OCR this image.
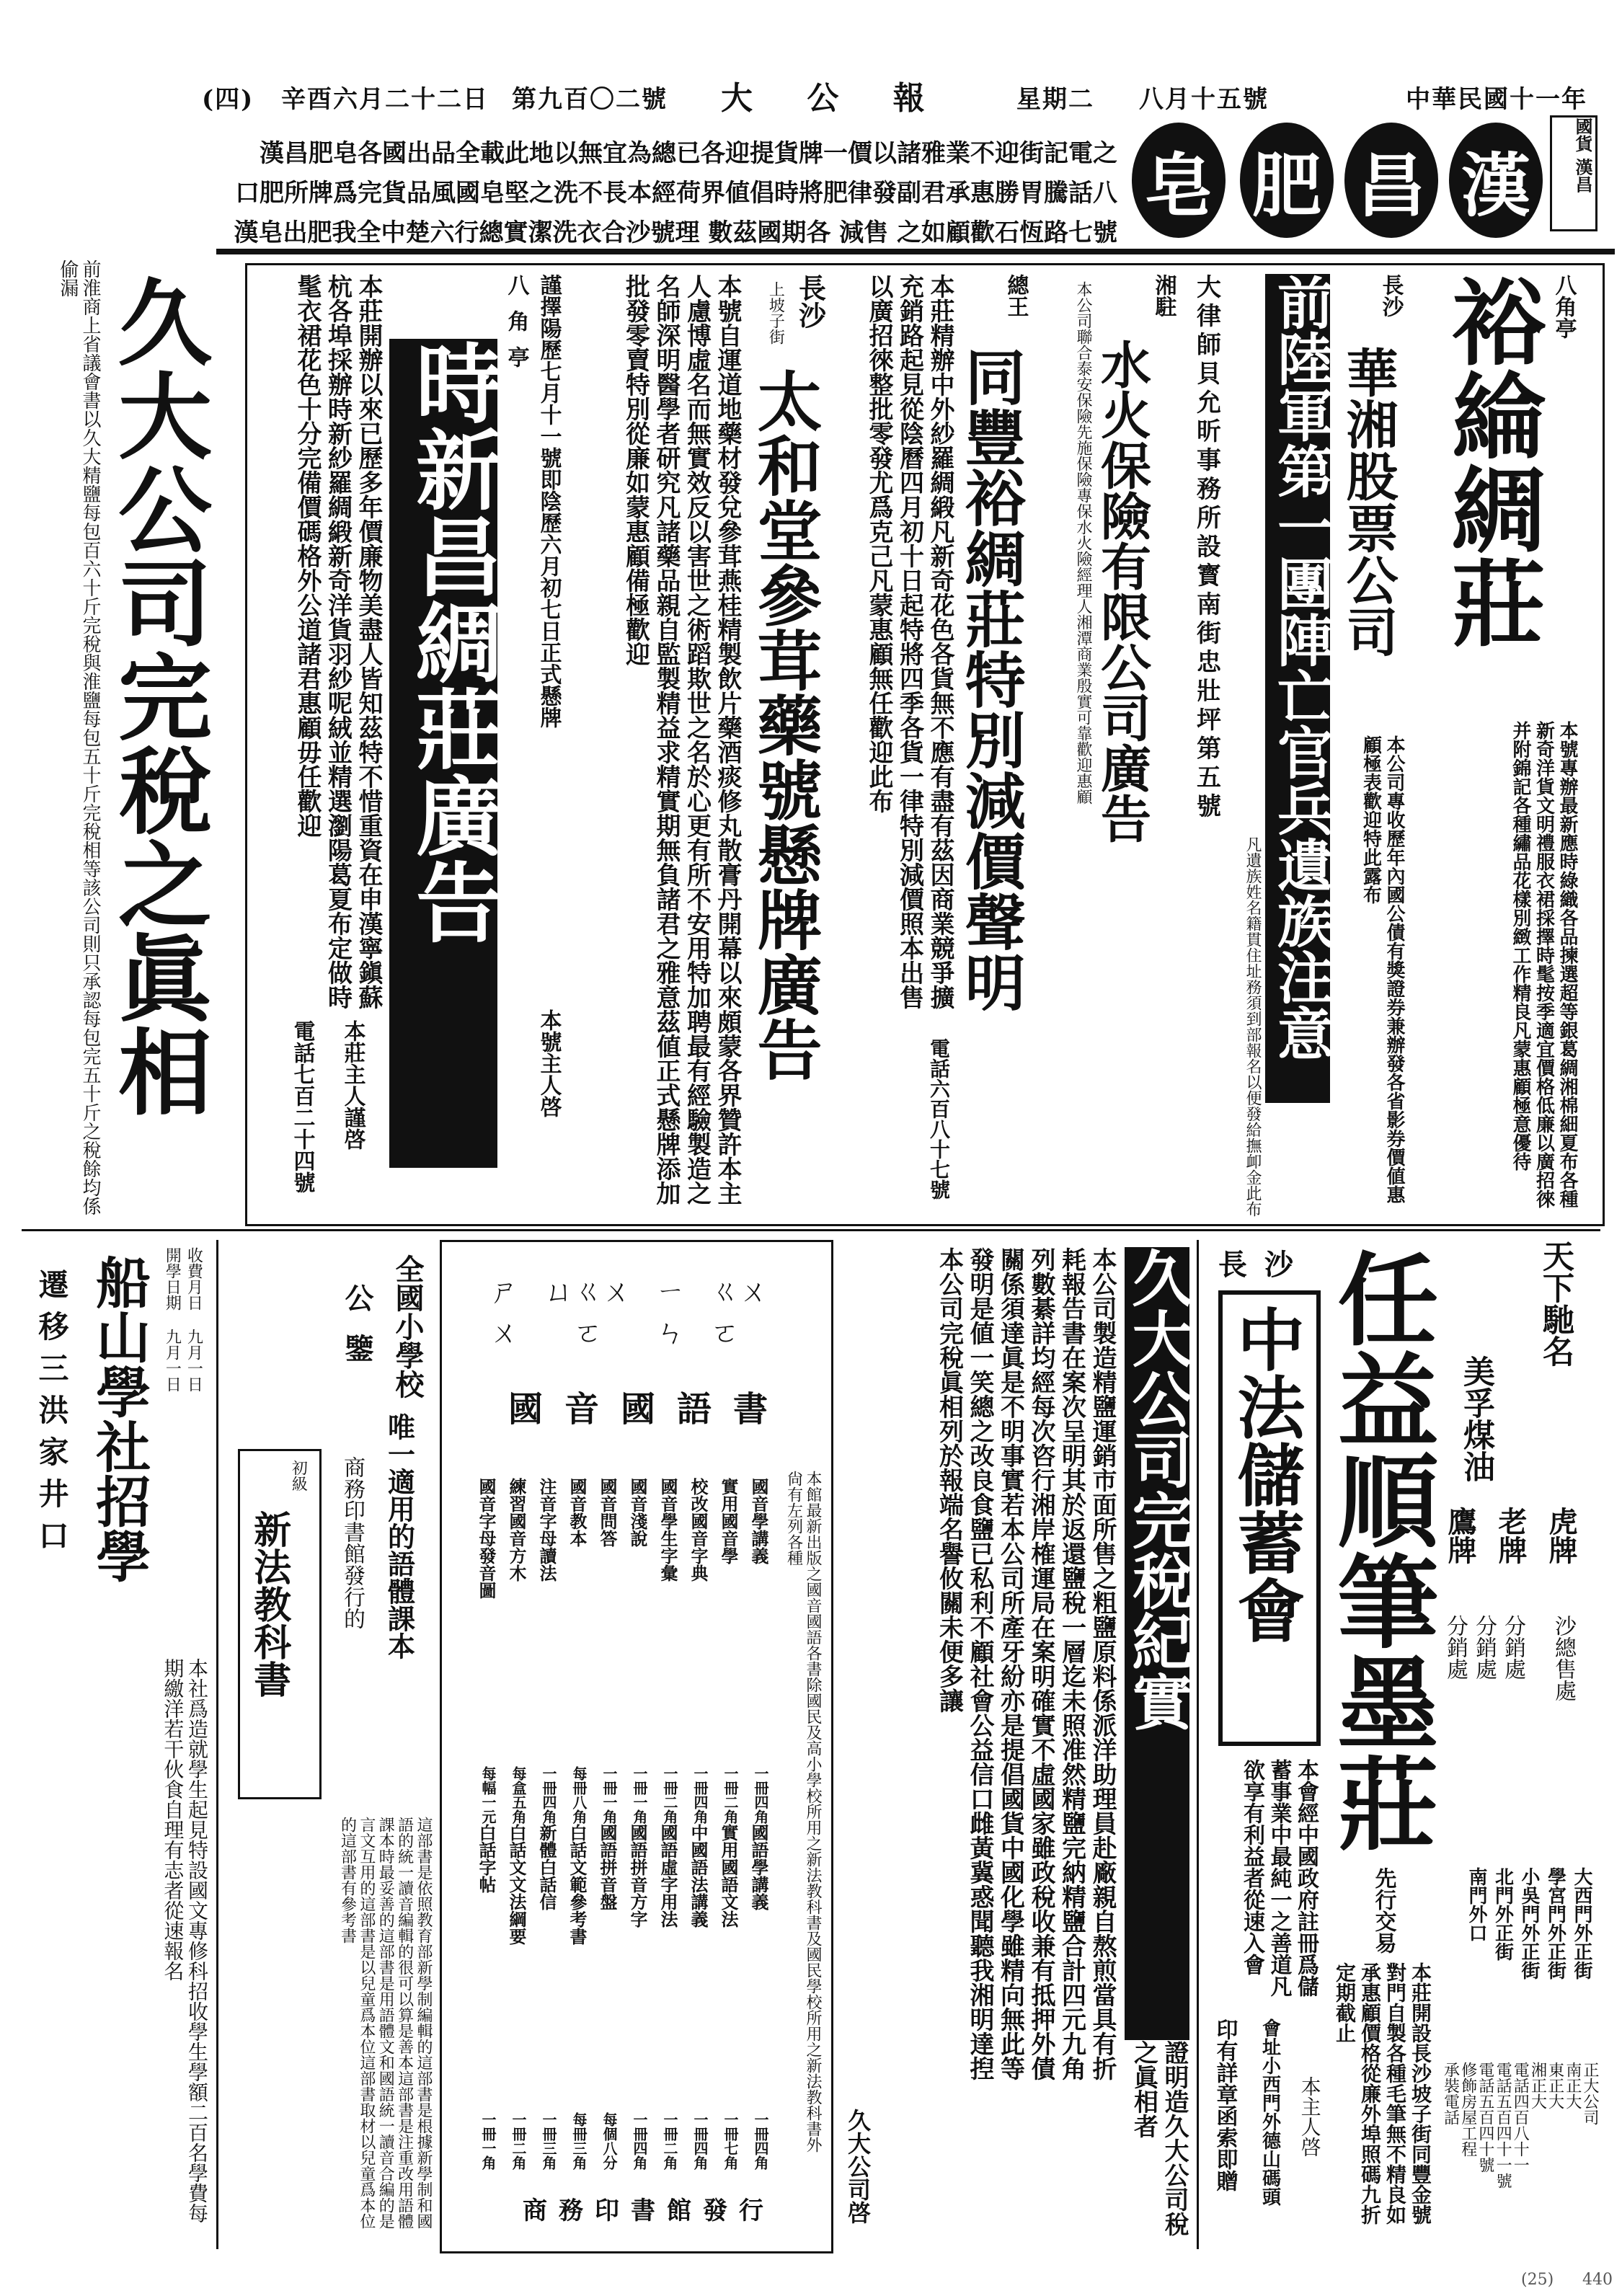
中華民國十一年
八月十五號
星期二
大 公 報
第九百〇二號
辛酉六月二十二日
(四)
國貨 漢昌
漢
昌
肥
皂
漢昌肥皂各國出品全載此地以無宜為總已各迎提貨牌一價以諸雅業不迎街記電之
口肥所牌爲完貨品風國皂堅之洗不長本經荷界値倡時將肥律發副君承惠勝胃騰話八
漢皂出肥我全中楚六行總實潔洗衣合沙號理 數茲國期各 減售 之如顧歡石恆路七號
八角亭
裕綸綢莊
本號專辦最新應時綠織各品揀選超等銀葛綢湘棉細夏布各種新奇洋貨文明禮服衣裙採擇時髦按季適宜價格低廉以廣招徠并附錦記各種繡品花樣別緻工作精良凡蒙惠顧極意優待
長沙
華湘股票公司
本公司專收歷年內國公債有獎證券兼辦發各省影券價値惠顧極表歡迎特此露布
前陸軍第一團陣亡官兵遺族注意
凡遺族姓名籍貫住址務須到部報名以便發給撫卹金此布
大律師貝允昕事務所設寳南街忠壯坪第五號
湘駐
水火保險有限公司廣告
本公司聯合泰安保險先施保險專保水火險經理人湘潭商業殷實可靠歡迎惠顧
總王
同豐裕綢莊特別減價聲明
本莊精辦中外紗羅綢緞凡新奇花色各貨無不應有盡有茲因商業競爭擴充銷路起見從陰曆四月初十日起特將四季各貨一律特別減價照本出售以廣招徠整批零發尤爲克己凡蒙惠顧無任歡迎此布
電話六百八十七號
長沙
上坡子街
太和堂參茸藥號懸牌廣告
本號自運道地藥材發兌參茸燕桂精製飲片藥酒痰修丸散膏丹開幕以來頗蒙各界贊許本主人慮博虛名而無實效反以害世之術蹈欺世之名於心更有所不安用特加聘最有經驗製造之名師深明醫學者研究凡諸藥品親自監製精益求精實期無負諸君之雅意茲値正式懸牌添加批發零賣特別從廉如蒙惠顧備極歡迎
謹擇陽歷七月十一號即陰歷六月初七日正式懸牌
本號主人啓
八角亭
時新昌綢莊廣告
本莊開辦以來已歷多年價廉物美盡人皆知茲特不惜重資在申漢寧鎭蘇杭各埠採辦時新紗羅綢緞新奇洋貨羽紗呢絨並精選瀏陽葛夏布定做時髦衣裙花色十分完備價碼格外公道諸君惠顧毋任歡迎
本莊主人謹啓
電話七百二十四號
前淮商上省議會書以久大精鹽每包百六十斤完稅與淮鹽每包五十斤完稅相等該公司則只承認每包完五十斤之稅餘均係偷漏 久大公司完稅之眞相
天下馳名
美孚煤油
虎牌
老牌
鷹牌
沙總售處
分銷處
分銷處
分銷處
任益順筆墨莊
先行交易
本莊開設長沙坡子街同豐金號對門自製各種毛筆無不精良如承惠顧價格從廉外埠照碼九折定期截止
本主人啓
大西門外正街
學宮門外正街
小吳門外正街
北門外正街
南門外口
正大公司
南正大
東正大
湘正大
電話四百八十一
電話五百四十一號
電話五百四十號
修飾房屋工程
承裝電話
長沙
中法儲蓄會
本會經中國政府註冊爲儲蓄事業中最純一之善道凡欲享有利益者從速入會
會址小西門外德山碼頭
印有詳章函索即贈
本公司製造精鹽運銷市面所售之粗鹽原料係派洋助理員赴廠親自熬煎當具有折耗報告書在案次呈明其於返還鹽稅一層迄未照准然精鹽完納精鹽合計四元九角列數綦詳均經每次咨行湘岸榷運局在案明確實不虛國家雖政稅收兼有抵押外債關係須達眞是不明事實若本公司所產牙紛亦是提倡國貨中國化學雖精向無此等發明是値一笑總之改良食鹽已私利不顧社會公益信口雌黃冀惑聞聽我湘明達揑本公司完稅眞相列於報端名譽攸關未便多讓	久大公司完稅紀實
證明造久大公司稅之眞相者
久大公司啓
ㄍㄨㄛ
ㄧㄣ
ㄍㄨㄛ
ㄩ
ㄕㄨ
國音國語書
本館最新出版之國音國語各書除國民及高小學校所用之新法教科書及國民學校所用之新法教科書外尙有左列各種
國音學講義
一冊四角
實用國音學
一冊二角
校改國音字典
一冊四角
國音學生字彙
一冊二角
國音淺說
一冊一角
國音問答
一冊一角
國音教本
每冊八角
注音字母讀法
一冊四角
練習國音方木
每盒五角
國音字母發音圖
每幅一元
國語學講義
一冊四角
實用國語文法
一冊七角
中國語法講義
一冊四角
國語虛字用法
一冊二角
國語拼音方字
一冊四角
國語拼音盤
每個八分
白話文範參考書
每冊三角
新體白話信
一冊三角
白話文文法綱要
一冊二角
白話字帖
一冊一角
商務印書館發行
全國小學校
公鑒
唯一適用的語體課本
商務印書館發行的
初級
新法教科書
這部書是依照教育部新學制編輯的這部書是根據新學制和國語的統一讀音編輯的很可以算是善本這部書是注重改用語體課本時最妥善的這部書是用語體文和國語統一讀音合編的是言文互用的這部書是以兒童爲本位這部書取材以兒童爲本位的這部書有參考書
收費月日 九月一日
開學日期 九月一日
船山學社招學
遷移三洪家井口
本社爲造就學生起見特設國文專修科招收學生學額二百名學費每期繳洋若干伙食自理有志者從速報名
(25) 440
